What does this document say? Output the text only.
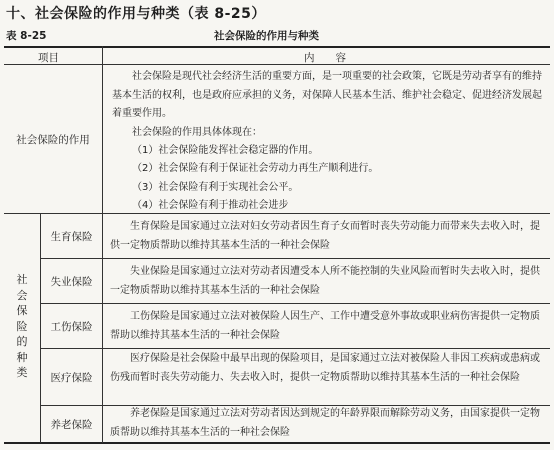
十、社会保险的作用与种类（表 8-25）
表 8-25	社会保险的作用与种类
项目	内　　容
社会保险的作用

社会保险是现代社会经济生活的重要方面，是一项重要的社会政策，它既是劳动者享有的维持基本生活的权利，也是政府应承担的义务，对保障人民基本生活、维护社会稳定、促进经济发展起着重要作用。

社会保险的作用具体体现在：

（1）社会保险能发挥社会稳定器的作用。
（2）社会保险有利于保证社会劳动力再生产顺利进行。
（3）社会保险有利于实现社会公平。
（4）社会保险有利于推动社会进步
社会保险的种类
生育保险

生育保险是国家通过立法对妇女劳动者因生育子女而暂时丧失劳动能力而带来失去收入时，提供一定物质帮助以维持其基本生活的一种社会保险

失业保险

失业保险是国家通过立法对劳动者因遭受本人所不能控制的失业风险而暂时失去收入时，提供一定物质帮助以维持其基本生活的一种社会保险

工伤保险

工伤保险是国家通过立法对被保险人因生产、工作中遭受意外事故或职业病伤害提供一定物质帮助以维持其基本生活的一种社会保险

医疗保险

医疗保险是社会保险中最早出现的保险项目，是国家通过立法对被保险人非因工疾病或患病或伤残而暂时丧失劳动能力、失去收入时，提供一定物质帮助以维持其基本生活的一种社会保险

养老保险

养老保险是国家通过立法对劳动者因达到规定的年龄界限而解除劳动义务，由国家提供一定物质帮助以维持其基本生活的一种社会保险
